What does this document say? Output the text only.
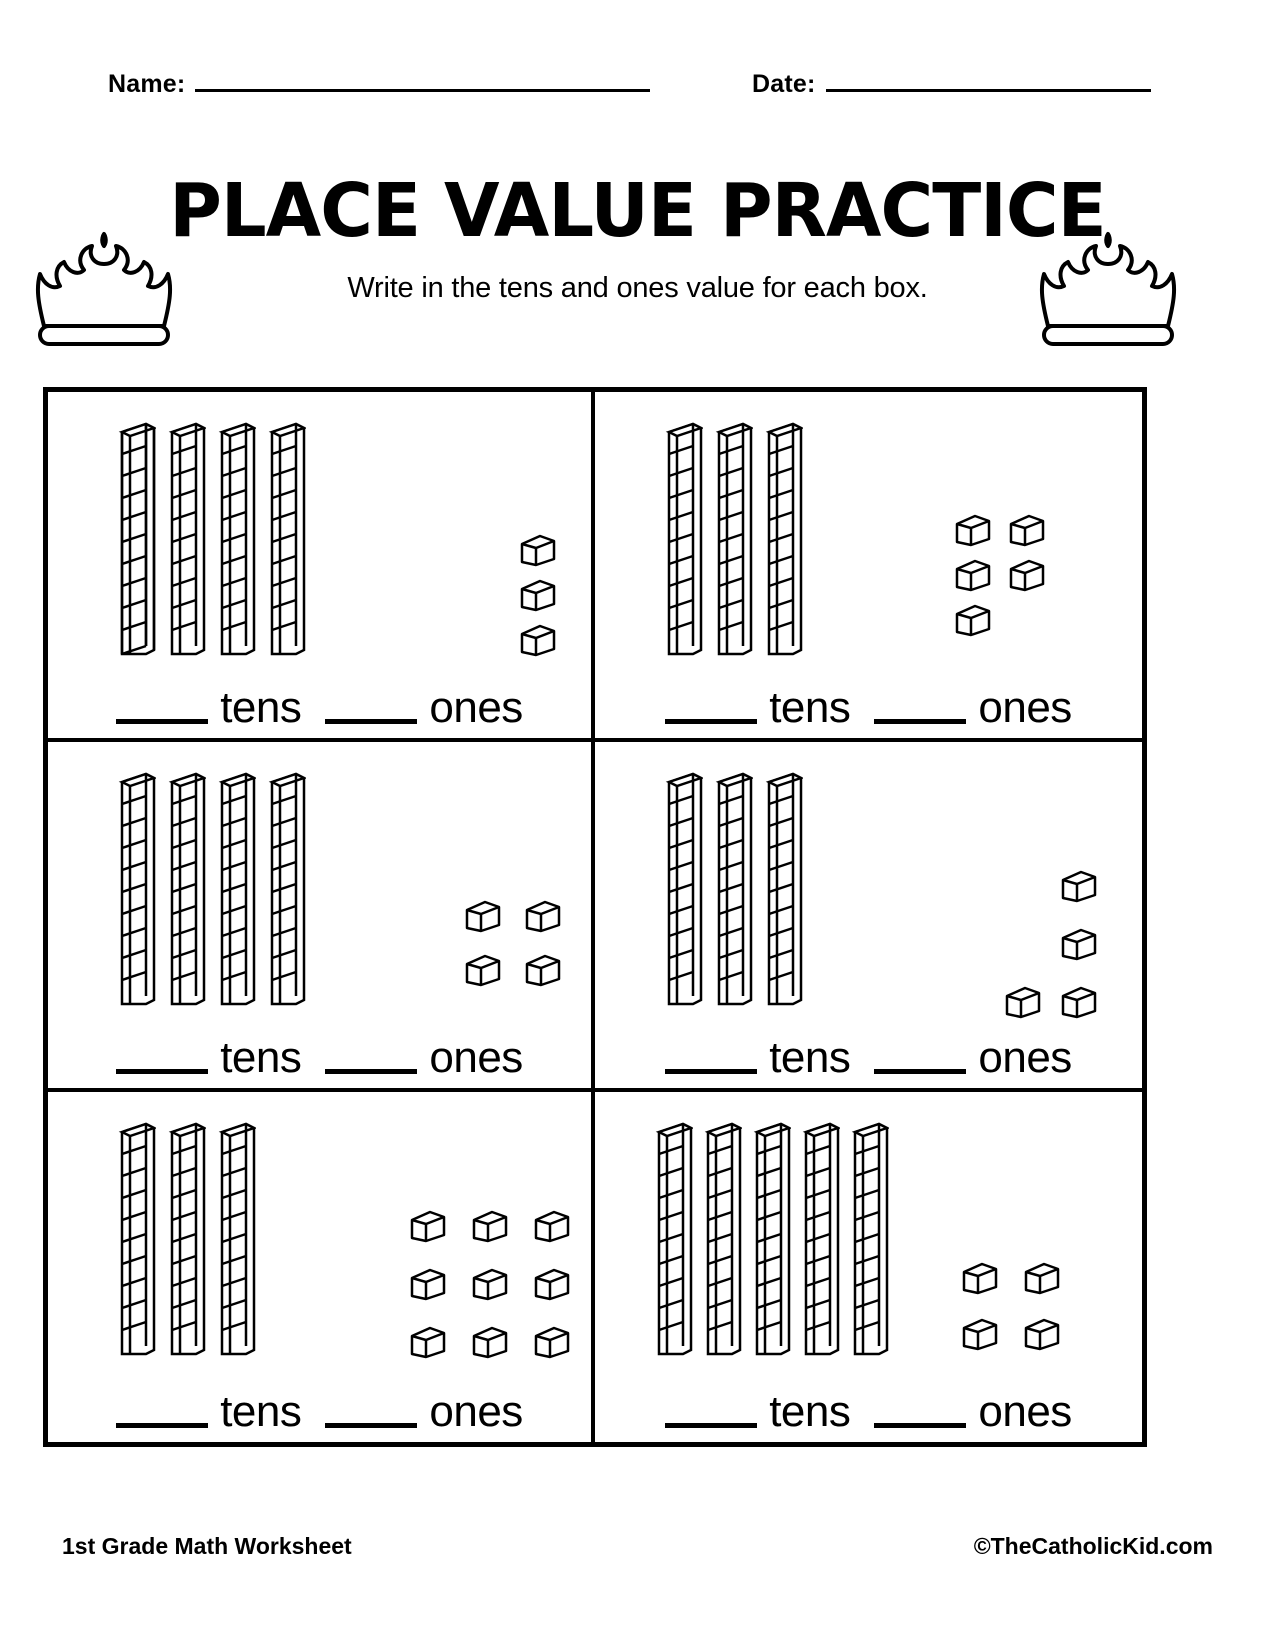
Name:	Date:
PLACE VALUE PRACTICE
Write in the tens and ones value for each box.
tens	ones	tens	ones
tens	ones	tens	ones
tens	ones	tens	ones
1st Grade Math Worksheet	©TheCatholicKid.com
